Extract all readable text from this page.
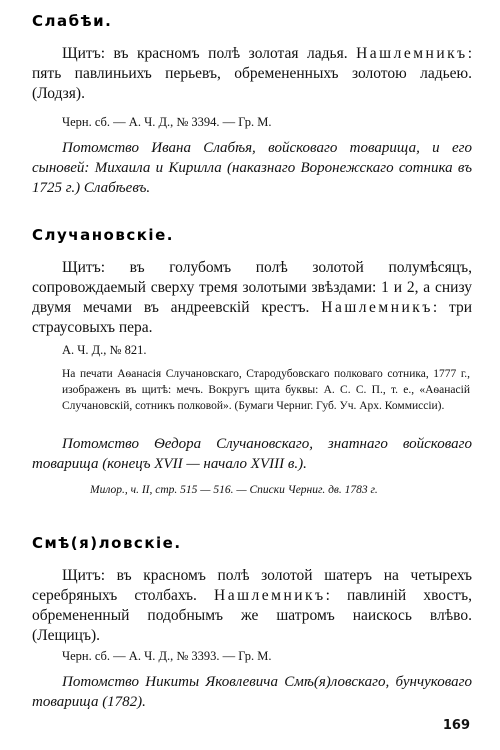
Слабѣи.

Щитъ: въ красномъ полѣ золотая ладья. Нашлемникъ: пять павлиньихъ перьевъ, обремененныхъ золотою ладьею. (Лодзя).

Черн. сб. — А. Ч. Д., № 3394. — Гр. М.

Потомство Ивана Слабѣя, войсковаго товарища, и его сыновей: Михаила и Кирилла (наказнаго Воронежскаго сотника въ 1725 г.) Слабѣевъ.

Случановскіе.

Щитъ: въ голубомъ полѣ золотой полумѣсяцъ, сопровождаемый сверху тремя золотыми звѣздами: 1 и 2, а снизу двумя мечами въ андреевскій крестъ. Нашлемникъ: три страусовыхъ пера.

А. Ч. Д., № 821.

На печати Аѳанасія Случановскаго, Стародубовскаго полковаго сотника, 1777 г., изображенъ въ щитѣ: мечъ. Вокругъ щита буквы: А. С. С. П., т. е., «Аѳанасій Случановскій, сотникъ полковой». (Бумаги Черниг. Губ. Уч. Арх. Коммиссіи).

Потомство Ѳедора Случановскаго, знатнаго войсковаго товарища (конецъ XVII — начало XVIII в.).

Милор., ч. II, стр. 515 — 516. — Списки Черниг. дв. 1783 г.
Смѣ(я)ловскіе.

Щитъ: въ красномъ полѣ золотой шатеръ на четырехъ серебряныхъ столбахъ. Нашлемникъ: павлиній хвостъ, обремененный подобнымъ же шатромъ наискось влѣво. (Лещицъ).

Черн. сб. — А. Ч. Д., № 3393. — Гр. М.

Потомство Никиты Яковлевича Смѣ(я)ловскаго, бунчуковаго товарища (1782).

169
